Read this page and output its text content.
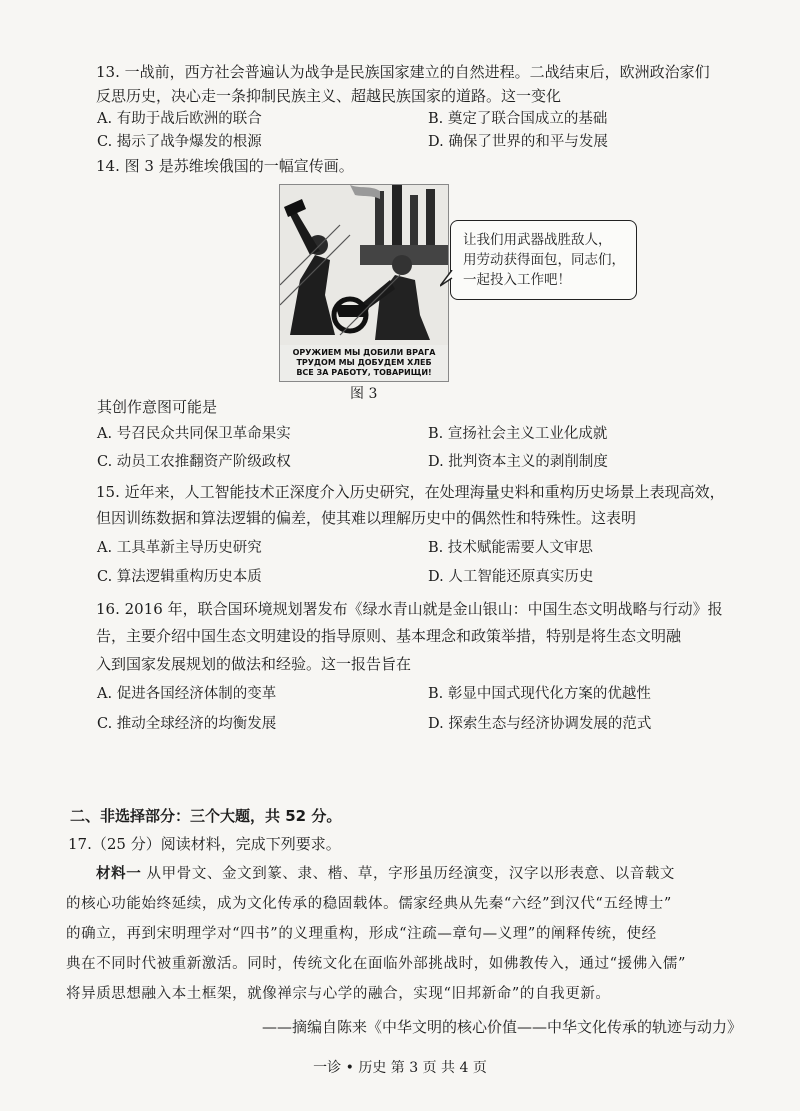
13. 一战前，西方社会普遍认为战争是民族国家建立的自然进程。二战结束后，欧洲政治家们
反思历史，决心走一条抑制民族主义、超越民族国家的道路。这一变化
A. 有助于战后欧洲的联合	B. 奠定了联合国成立的基础
C. 揭示了战争爆发的根源	D. 确保了世界的和平与发展
14. 图 3 是苏维埃俄国的一幅宣传画。
ОРУЖИЕМ МЫ ДОБИЛИ ВРАГА
ТРУДОМ МЫ ДОБУДЕМ ХЛЕБ
ВСЕ ЗА РАБОТУ, ТОВАРИЩИ!
让我们用武器战胜敌人，
用劳动获得面包，同志们，
一起投入工作吧！
图 3
其创作意图可能是
A. 号召民众共同保卫革命果实	B. 宣扬社会主义工业化成就
C. 动员工农推翻资产阶级政权	D. 批判资本主义的剥削制度
15. 近年来，人工智能技术正深度介入历史研究，在处理海量史料和重构历史场景上表现高效，
但因训练数据和算法逻辑的偏差，使其难以理解历史中的偶然性和特殊性。这表明
A. 工具革新主导历史研究	B. 技术赋能需要人文审思
C. 算法逻辑重构历史本质	D. 人工智能还原真实历史
16. 2016 年，联合国环境规划署发布《绿水青山就是金山银山：中国生态文明战略与行动》报
告，主要介绍中国生态文明建设的指导原则、基本理念和政策举措，特别是将生态文明融
入到国家发展规划的做法和经验。这一报告旨在
A. 促进各国经济体制的变革	B. 彰显中国式现代化方案的优越性
C. 推动全球经济的均衡发展	D. 探索生态与经济协调发展的范式
二、非选择部分：三个大题，共 52 分。
17.（25 分）阅读材料，完成下列要求。
材料一 从甲骨文、金文到篆、隶、楷、草，字形虽历经演变，汉字以形表意、以音载文
的核心功能始终延续，成为文化传承的稳固载体。儒家经典从先秦“六经”到汉代“五经博士”
的确立，再到宋明理学对“四书”的义理重构，形成“注疏—章句—义理”的阐释传统，使经
典在不同时代被重新激活。同时，传统文化在面临外部挑战时，如佛教传入，通过“援佛入儒”
将异质思想融入本土框架，就像禅宗与心学的融合，实现“旧邦新命”的自我更新。
——摘编自陈来《中华文明的核心价值——中华文化传承的轨迹与动力》
一诊 • 历史 第 3 页 共 4 页
